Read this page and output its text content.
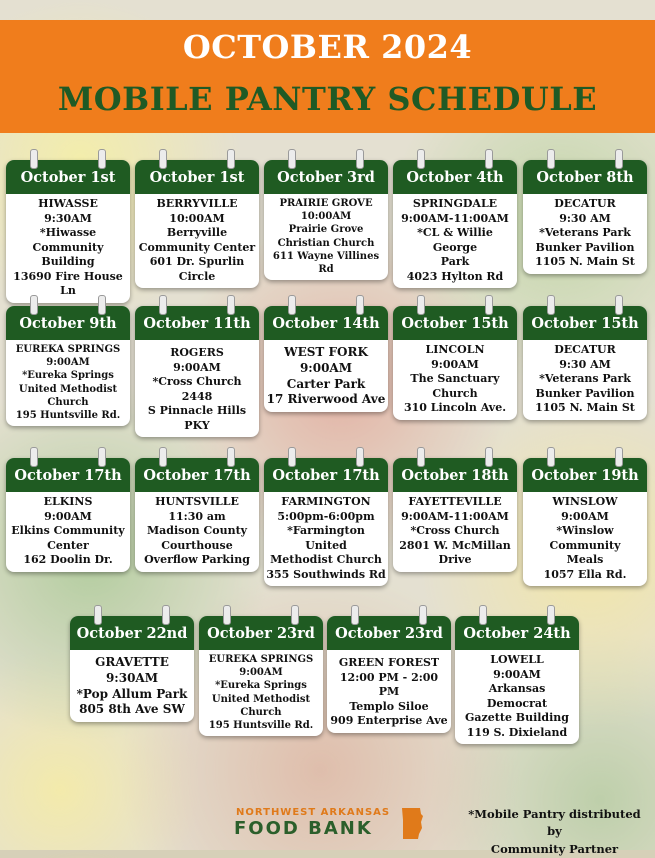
OCTOBER 2024
MOBILE PANTRY SCHEDULE
October 1st
HIWASSE
9:30AM
*Hiwasse
Community Building
13690 Fire House Ln
October 1st
BERRYVILLE
10:00AM
Berryville
Community Center
601 Dr. Spurlin Circle
October 3rd
PRAIRIE GROVE
10:00AM
Prairie Grove
Christian Church
611 Wayne Villines Rd
October 4th
SPRINGDALE
9:00AM-11:00AM
*CL & Willie George
Park
4023 Hylton Rd
October 8th
DECATUR
9:30 AM
*Veterans Park
Bunker Pavilion
1105 N. Main St
October 9th
EUREKA SPRINGS
9:00AM
*Eureka Springs
United Methodist
Church
195 Huntsville Rd.
October 11th
ROGERS
9:00AM
*Cross Church 2448
S Pinnacle Hills PKY
October 14th
WEST FORK
9:00AM
Carter Park
17 Riverwood Ave
October 15th
LINCOLN
9:00AM
The Sanctuary
Church
310 Lincoln Ave.
October 15th
DECATUR
9:30 AM
*Veterans Park
Bunker Pavilion
1105 N. Main St
October 17th
ELKINS
9:00AM
Elkins Community
Center
162 Doolin Dr.
October 17th
HUNTSVILLE
11:30 am
Madison County
Courthouse
Overflow Parking
October 17th
FARMINGTON
5:00pm-6:00pm
*Farmington United
Methodist Church
355 Southwinds Rd
October 18th
FAYETTEVILLE
9:00AM-11:00AM
*Cross Church
2801 W. McMillan
Drive
October 19th
WINSLOW
9:00AM
*Winslow Community
Meals
1057 Ella Rd.
October 22nd
GRAVETTE
9:30AM
*Pop Allum Park
805 8th Ave SW
October 23rd
EUREKA SPRINGS
9:00AM
*Eureka Springs
United Methodist
Church
195 Huntsville Rd.
October 23rd
GREEN FOREST
12:00 PM - 2:00 PM
Templo Siloe
909 Enterprise Ave
October 24th
LOWELL
9:00AM
Arkansas Democrat
Gazette Building
119 S. Dixieland
NORTHWEST ARKANSAS
FOOD BANK
*Mobile Pantry distributed by
Community Partner
